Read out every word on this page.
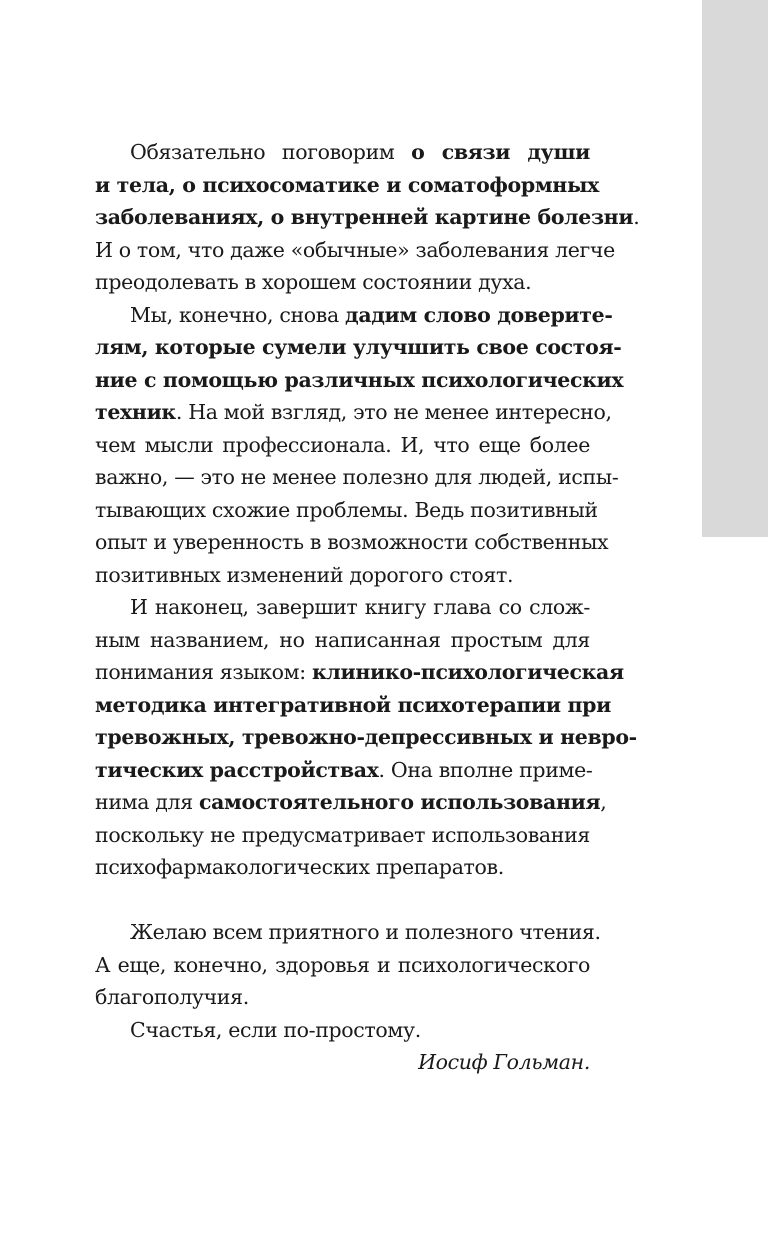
Обязательно поговорим о связи души
и тела, о психосоматике и соматоформных
заболеваниях, о внутренней картине болезни.
И о том, что даже «обычные» заболевания легче
преодолевать в хорошем состоянии духа.
Мы, конечно, снова дадим слово доверите-
лям, которые сумели улучшить свое состоя-
ние с помощью различных психологических
техник. На мой взгляд, это не менее интересно,
чем мысли профессионала. И, что еще более
важно, — это не менее полезно для людей, испы-
тывающих схожие проблемы. Ведь позитивный
опыт и уверенность в возможности собственных
позитивных изменений дорогого стоят.
И наконец, завершит книгу глава со слож-
ным названием, но написанная простым для
понимания языком: клинико-психологическая
методика интегративной психотерапии при
тревожных, тревожно-депрессивных и невро-
тических расстройствах. Она вполне приме-
нима для самостоятельного использования,
поскольку не предусматривает использования
психофармакологических препаратов.
Желаю всем приятного и полезного чтения.
А еще, конечно, здоровья и психологического
благополучия.
Счастья, если по-простому.
Иосиф Гольман.
